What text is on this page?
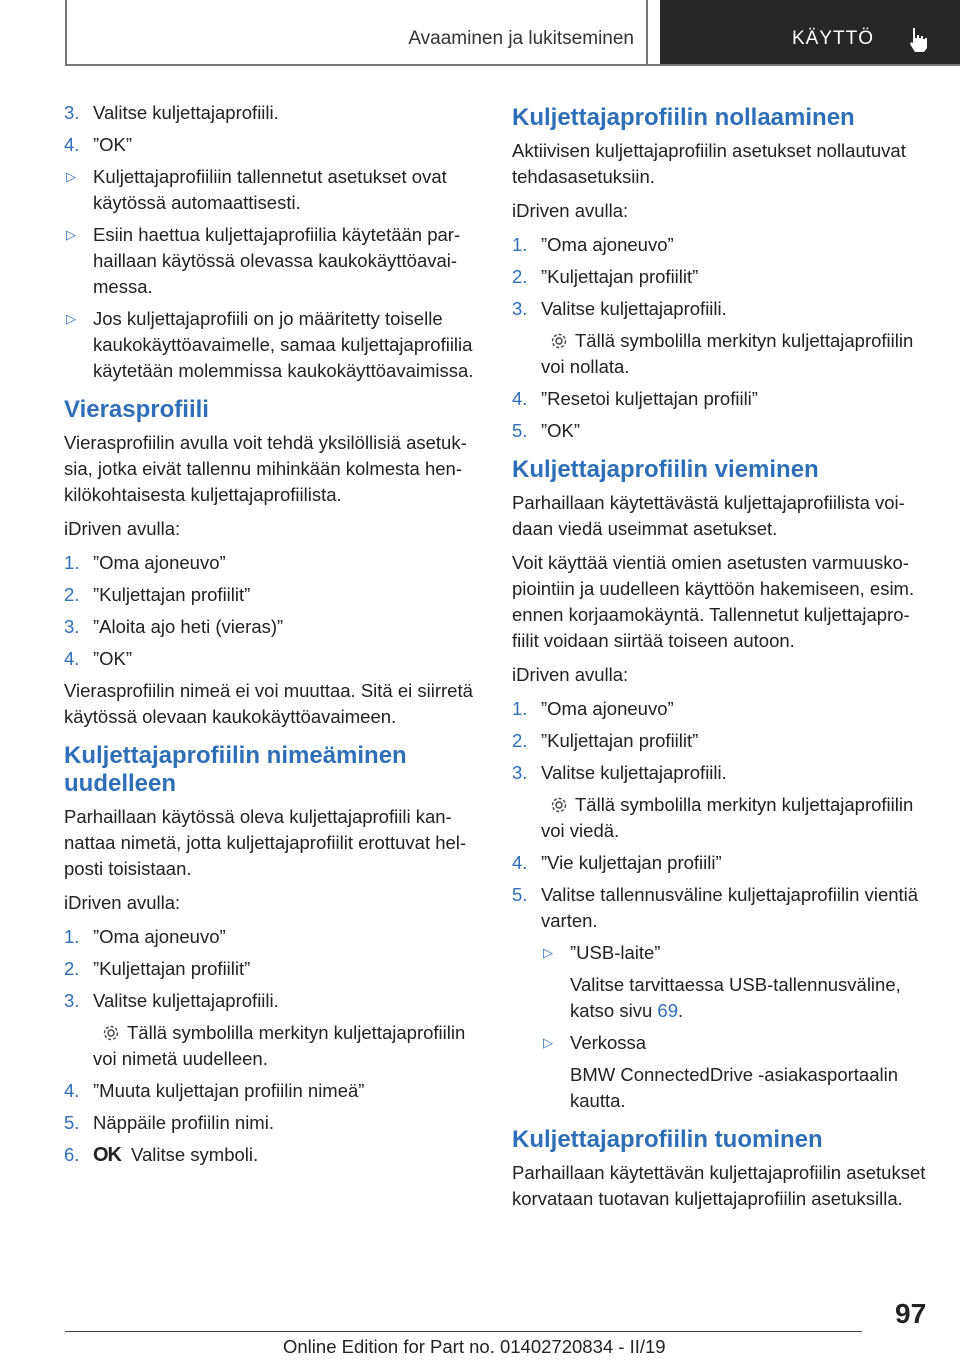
Avaaminen ja lukitseminen	KÄYTTÖ
3. Valitse kuljettajaprofiili.
4. ”OK”
▷ Kuljettajaprofiiliin tallennetut asetukset ovat käytössä automaattisesti.
▷ Esiin haettua kuljettajaprofiilia käytetään parhaillaan käytössä olevassa kaukokäyttöavaimessa.
▷ Jos kuljettajaprofiili on jo määritetty toiselle kaukokäyttöavaimelle, samaa kuljettajaprofiilia käytetään molemmissa kaukokäyttöavaimissa.
Vierasprofiili

Vierasprofiilin avulla voit tehdä yksilöllisiä asetuksia, jotka eivät tallennu mihinkään kolmesta henkilökohtaisesta kuljettajaprofiilista.

iDriven avulla:

1. ”Oma ajoneuvo”
2. ”Kuljettajan profiilit”
3. ”Aloita ajo heti (vieras)”
4. ”OK”

Vierasprofiilin nimeä ei voi muuttaa. Sitä ei siirretä käytössä olevaan kaukokäyttöavaimeen.

Kuljettajaprofiilin nimeäminen uudelleen

Parhaillaan käytössä oleva kuljettajaprofiili kannattaa nimetä, jotta kuljettajaprofiilit erottuvat helposti toisistaan.

iDriven avulla:

1. ”Oma ajoneuvo”
2. ”Kuljettajan profiilit”
3. Valitse kuljettajaprofiili.
Tällä symbolilla merkityn kuljettajaprofiilin voi nimetä uudelleen.
4. ”Muuta kuljettajan profiilin nimeä”
5. Näppäile profiilin nimi.
6. OK Valitse symboli.
Kuljettajaprofiilin nollaaminen

Aktiivisen kuljettajaprofiilin asetukset nollautuvat tehdasasetuksiin.

iDriven avulla:

1. ”Oma ajoneuvo”
2. ”Kuljettajan profiilit”
3. Valitse kuljettajaprofiili.
Tällä symbolilla merkityn kuljettajaprofiilin voi nollata.
4. ”Resetoi kuljettajan profiili”
5. ”OK”
Kuljettajaprofiilin vieminen

Parhaillaan käytettävästä kuljettajaprofiilista voidaan viedä useimmat asetukset.

Voit käyttää vientiä omien asetusten varmuuskopiointiin ja uudelleen käyttöön hakemiseen, esim. ennen korjaamokäyntä. Tallennetut kuljettajaprofiilit voidaan siirtää toiseen autoon.

iDriven avulla:

1. ”Oma ajoneuvo”
2. ”Kuljettajan profiilit”
3. Valitse kuljettajaprofiili.
Tällä symbolilla merkityn kuljettajaprofiilin voi viedä.
4. ”Vie kuljettajan profiili”
5. Valitse tallennusväline kuljettajaprofiilin vientiä varten.
▷ ”USB-laite”
Valitse tarvittaessa USB-tallennusväline, katso sivu 69.
▷ Verkossa
BMW ConnectedDrive -asiakasportaalin kautta.
Kuljettajaprofiilin tuominen

Parhaillaan käytettävän kuljettajaprofiilin asetukset korvataan tuotavan kuljettajaprofiilin asetuksilla.

97
Online Edition for Part no. 01402720834 - II/19
